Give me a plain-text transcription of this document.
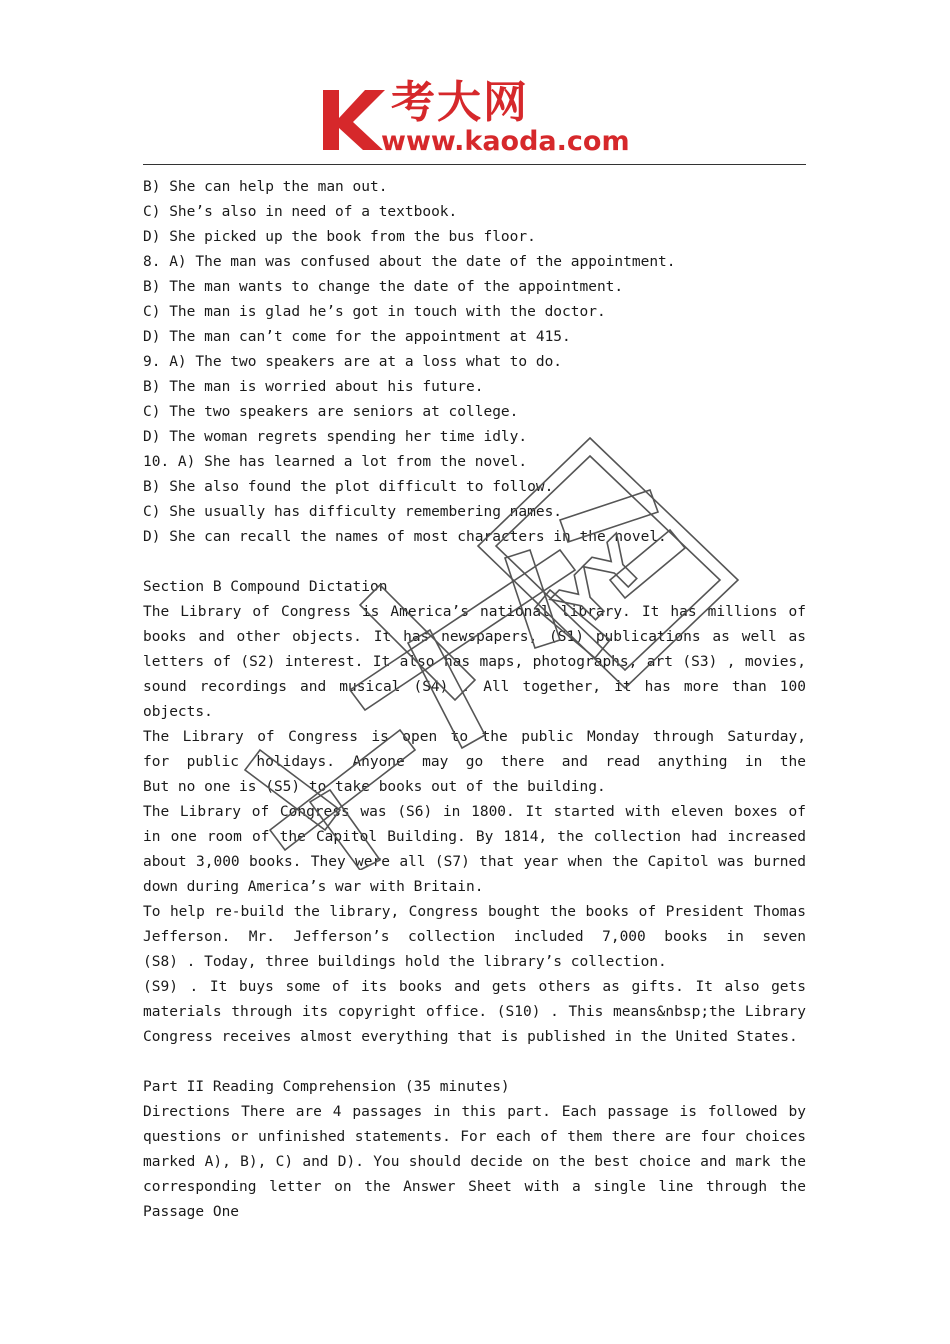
考大网
www.kaoda.com
B) She can help the man out.
C) She’s also in need of a textbook.
D) She picked up the book from the bus floor.
8. A) The man was confused about the date of the appointment.
B) The man wants to change the date of the appointment.
C) The man is glad he’s got in touch with the doctor.
D) The man can’t come for the appointment at 415.
9. A) The two speakers are at a loss what to do.
B) The man is worried about his future.
C) The two speakers are seniors at college.
D) The woman regrets spending her time idly.
10. A) She has learned a lot from the novel.
B) She also found the plot difficult to follow.
C) She usually has difficulty remembering names.
D) She can recall the names of most characters in the novel.
Section B Compound Dictation
The Library of Congress is America’s national library. It has millions of
books and other objects. It has newspapers, (S1) publications as well as
letters of (S2) interest. It also has maps, photographs, art (S3) , movies,
sound recordings and musical (S4) . All together, it has more than 100
objects.
The Library of Congress is open to the public Monday through Saturday,
for public holidays. Anyone may go there and read anything in the
But no one is (S5) to take books out of the building.
The Library of Congress was (S6) in 1800. It started with eleven boxes of
in one room of the Capitol Building. By 1814, the collection had increased
about 3,000 books. They were all (S7) that year when the Capitol was burned
down during America’s war with Britain.
To help re-build the library, Congress bought the books of President Thomas
Jefferson. Mr. Jefferson’s collection included 7,000 books in seven
(S8) . Today, three buildings hold the library’s collection.
(S9) . It buys some of its books and gets others as gifts. It also gets
materials through its copyright office. (S10) . This means&nbsp;the Library
Congress receives almost everything that is published in the United States.
Part II Reading Comprehension (35 minutes)
Directions There are 4 passages in this part. Each passage is followed by
questions or unfinished statements. For each of them there are four choices
marked A), B), C) and D). You should decide on the best choice and mark the
corresponding letter on the Answer Sheet with a single line through the
Passage One
YY
